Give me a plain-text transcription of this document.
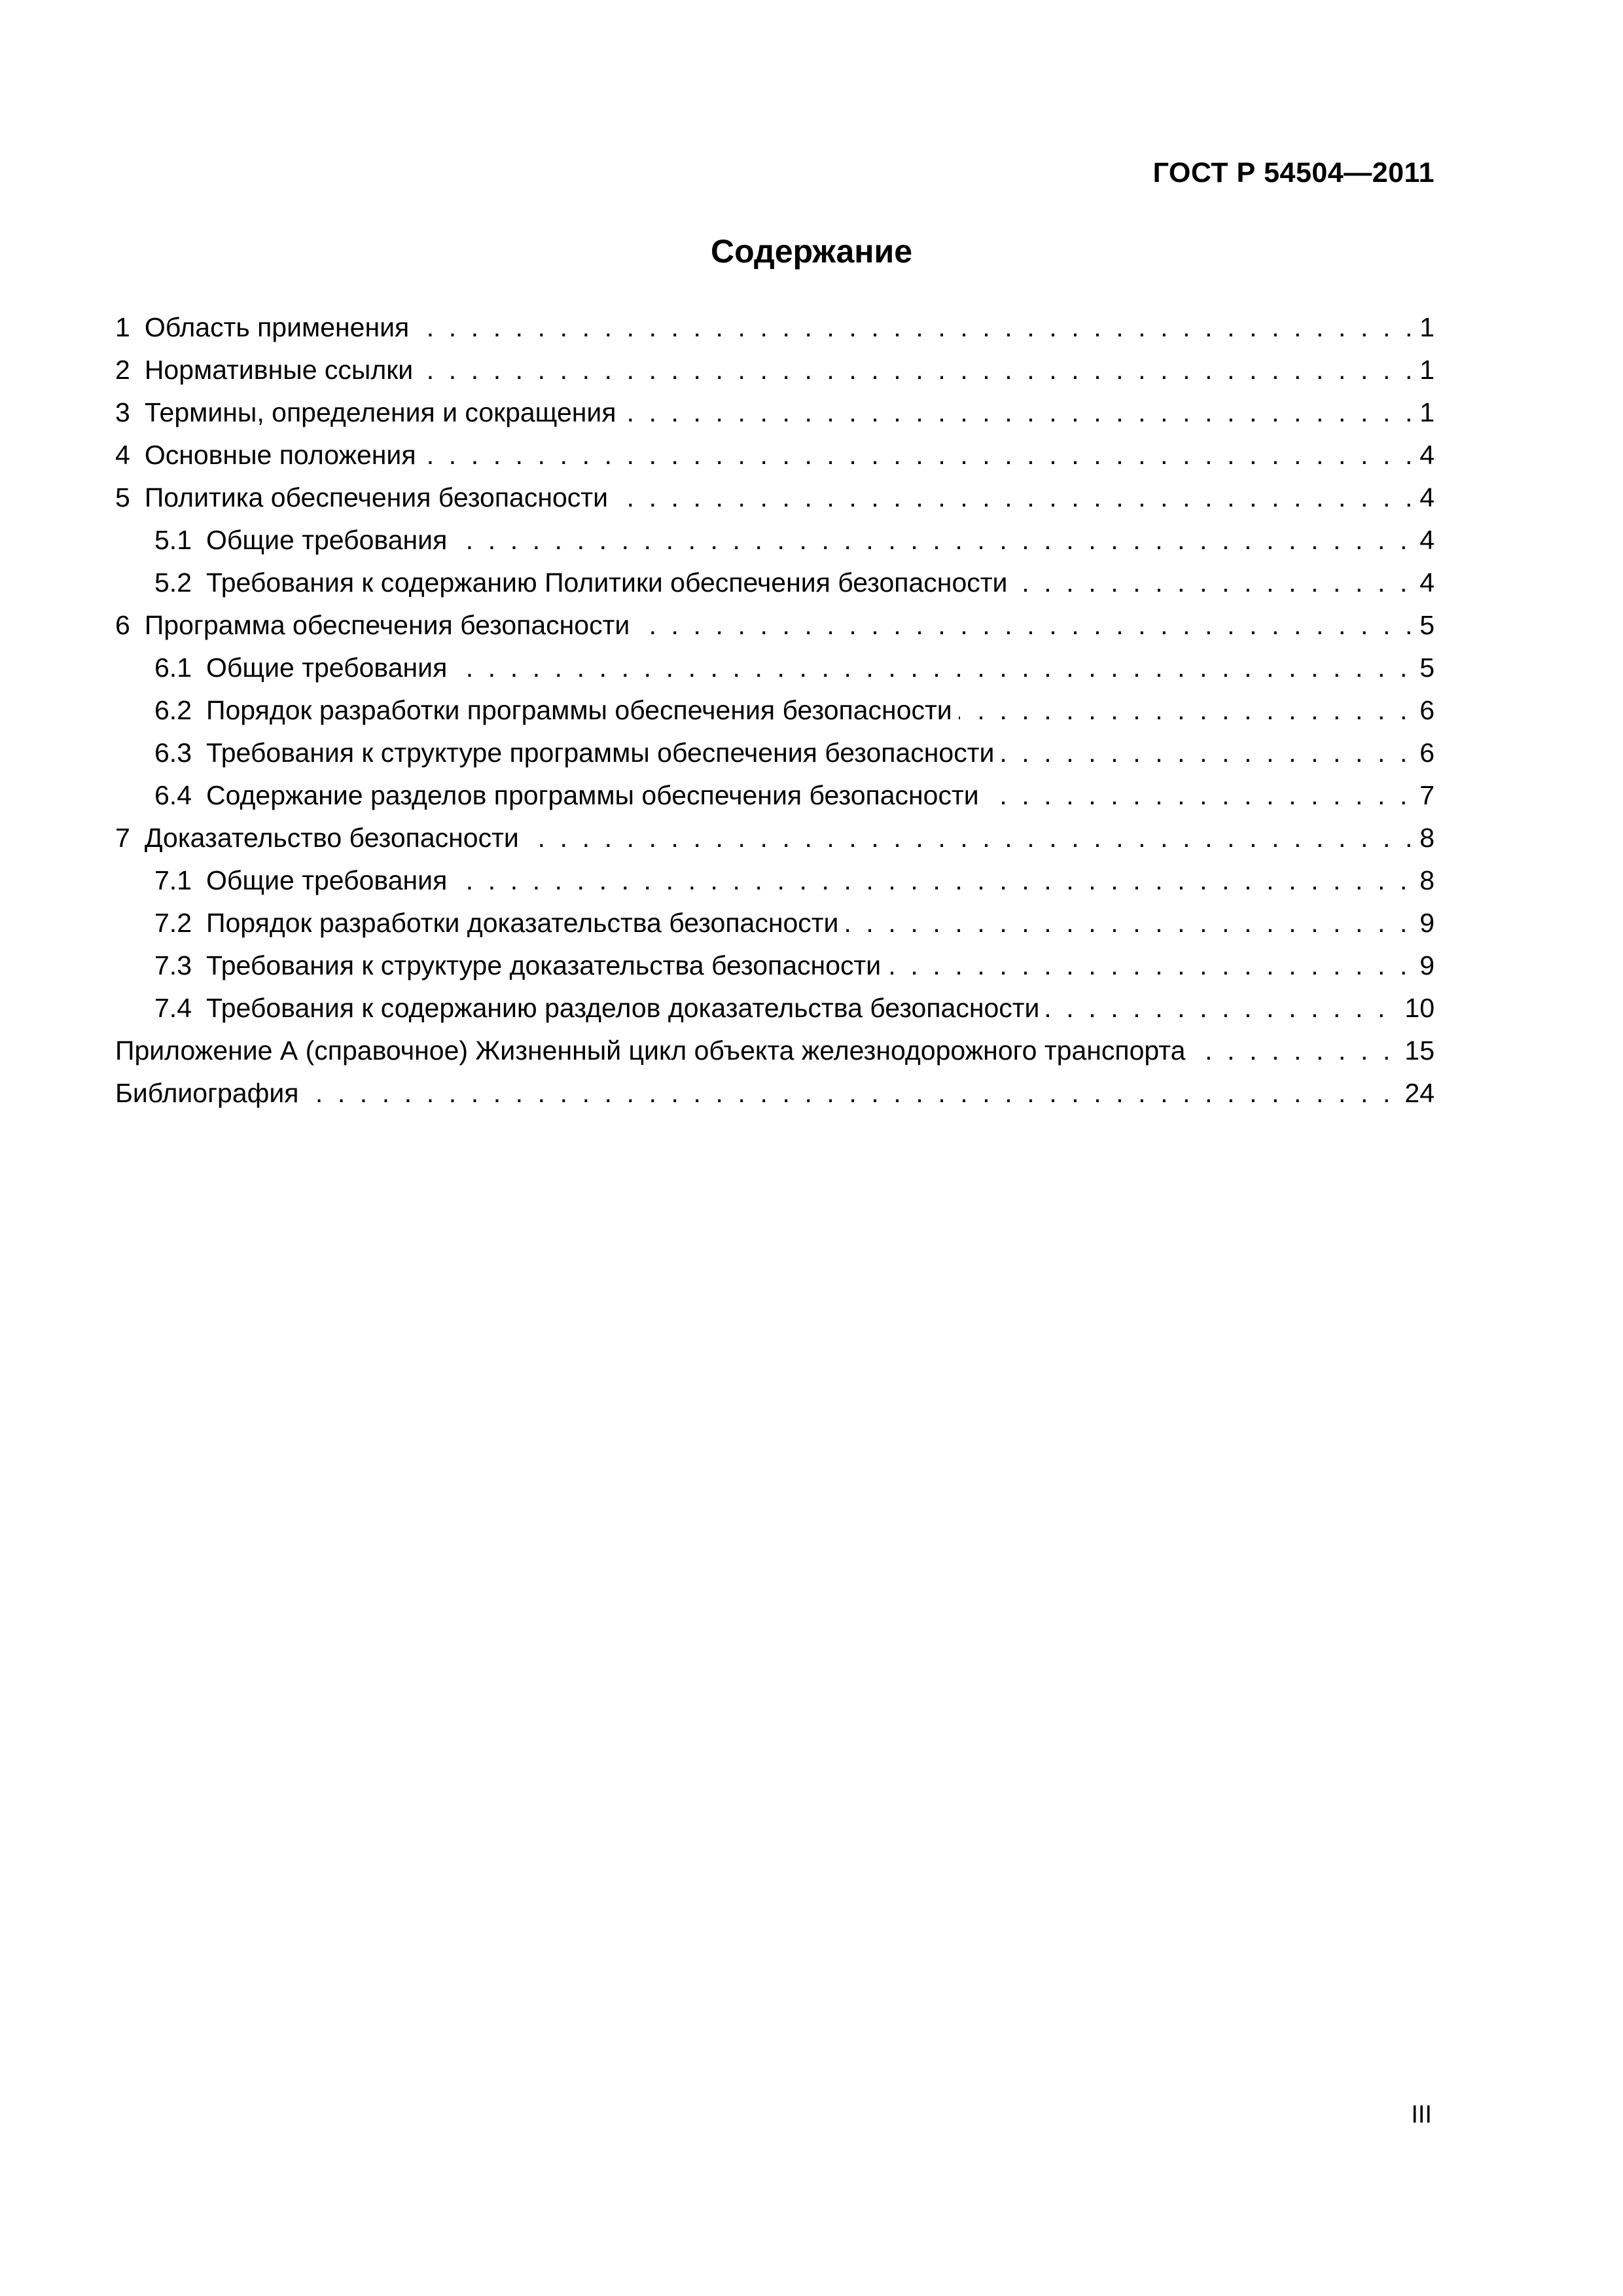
ГОСТ Р 54504—2011
Содержание
1 Область применения	1
. . .
2 Нормативные ссылки	1
. . .
3 Термины, определения и сокращения	1
. . .
4 Основные положения	4
. . .
5 Политика обеспечения безопасности	4
. . .
5.1 Общие требования	4
. . .
5.2 Требования к содержанию Политики обеспечения безопасности	4
. . .
6 Программа обеспечения безопасности	5
. . .
6.1 Общие требования	5
. . .
6.2 Порядок разработки программы обеспечения безопасности	6
. . .
6.3 Требования к структуре программы обеспечения безопасности	6
. . .
6.4 Содержание разделов программы обеспечения безопасности	7
. . .
7 Доказательство безопасности	8
. . .
7.1 Общие требования	8
. . .
7.2 Порядок разработки доказательства безопасности	9
. . .
7.3 Требования к структуре доказательства безопасности	9
. . .
7.4 Требования к содержанию разделов доказательства безопасности	10
. . .
Приложение А (справочное) Жизненный цикл объекта железнодорожного транспорта	15
. . .
Библиография	24
. . .
III
